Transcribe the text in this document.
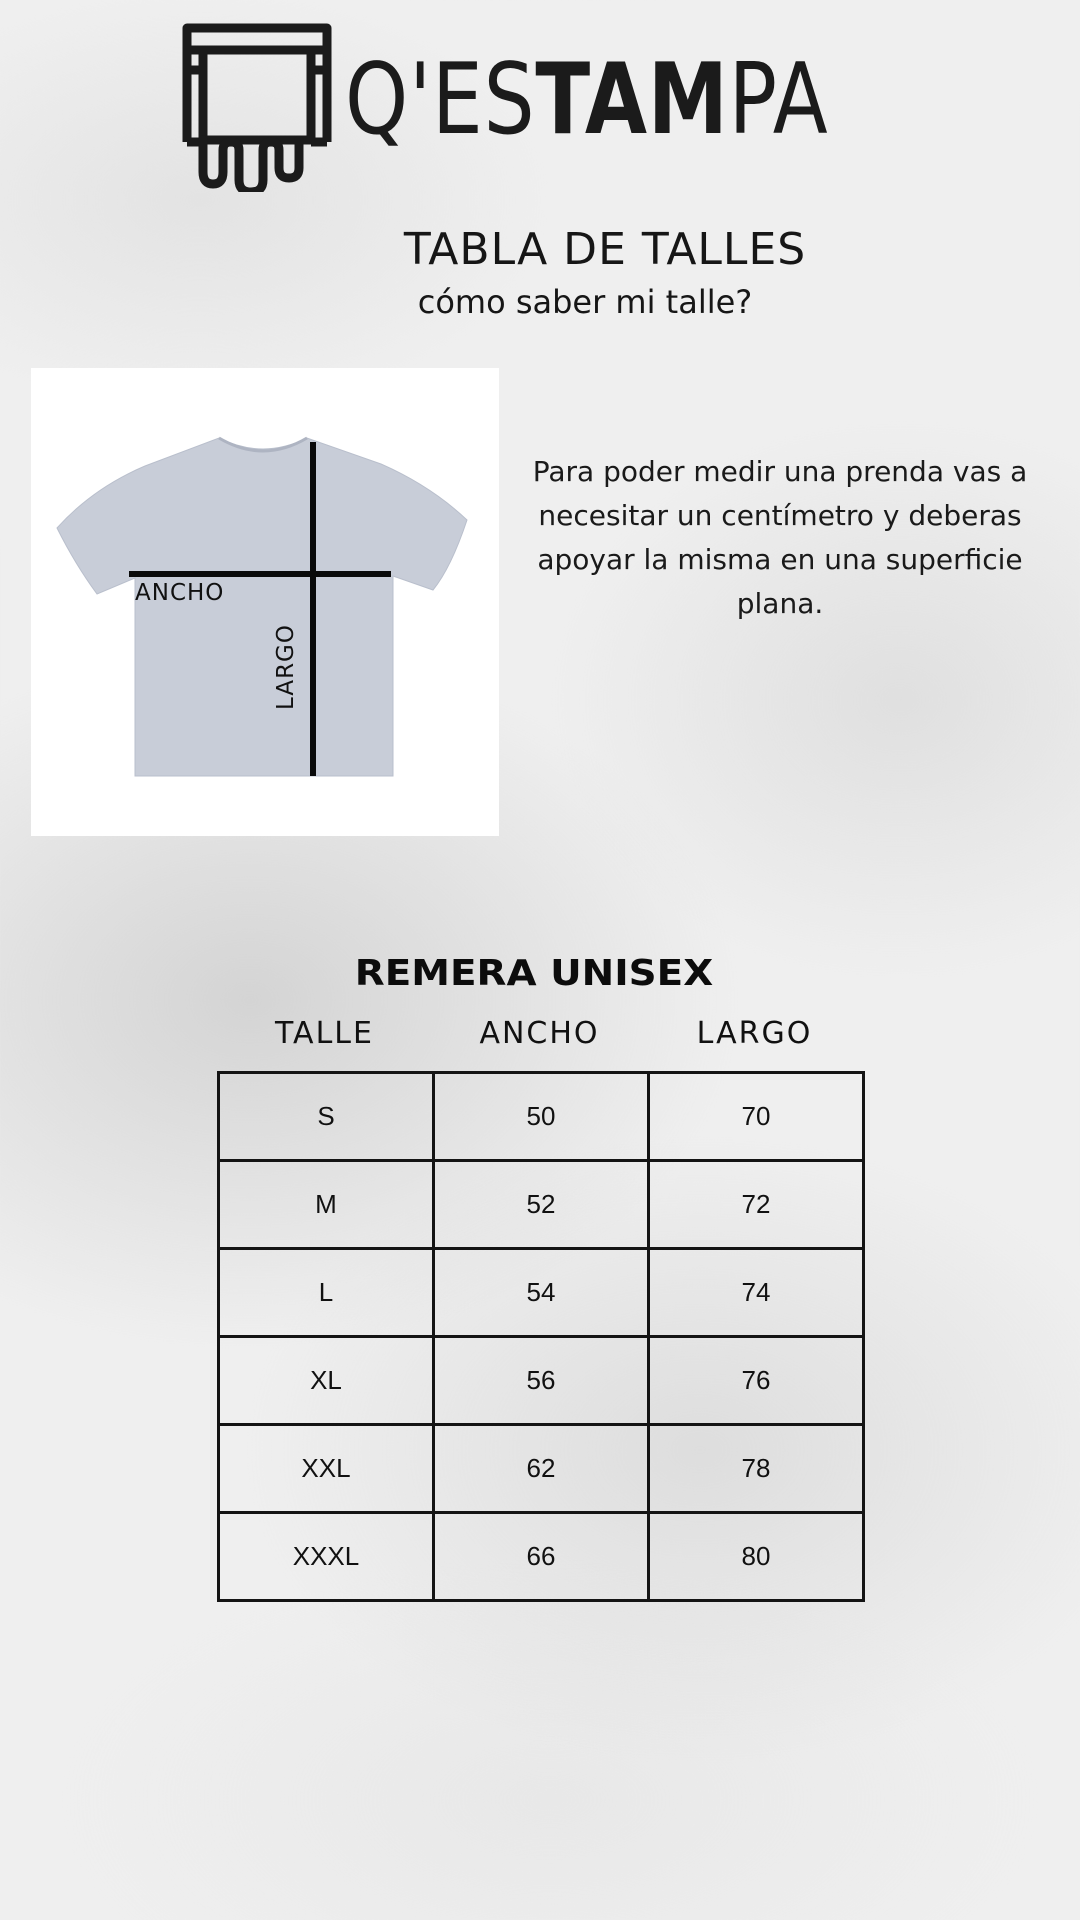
Q'ESTAMPA
TABLA DE TALLES
cómo saber mi talle?
ANCHO
LARGO
Para poder medir una prenda vas a necesitar un centímetro y deberas apoyar la misma en una superficie plana.
REMERA UNISEX
TALLE	ANCHO	LARGO
S	50	70
M	52	72
L	54	74
XL	56	76
XXL	62	78
XXXL	66	80
